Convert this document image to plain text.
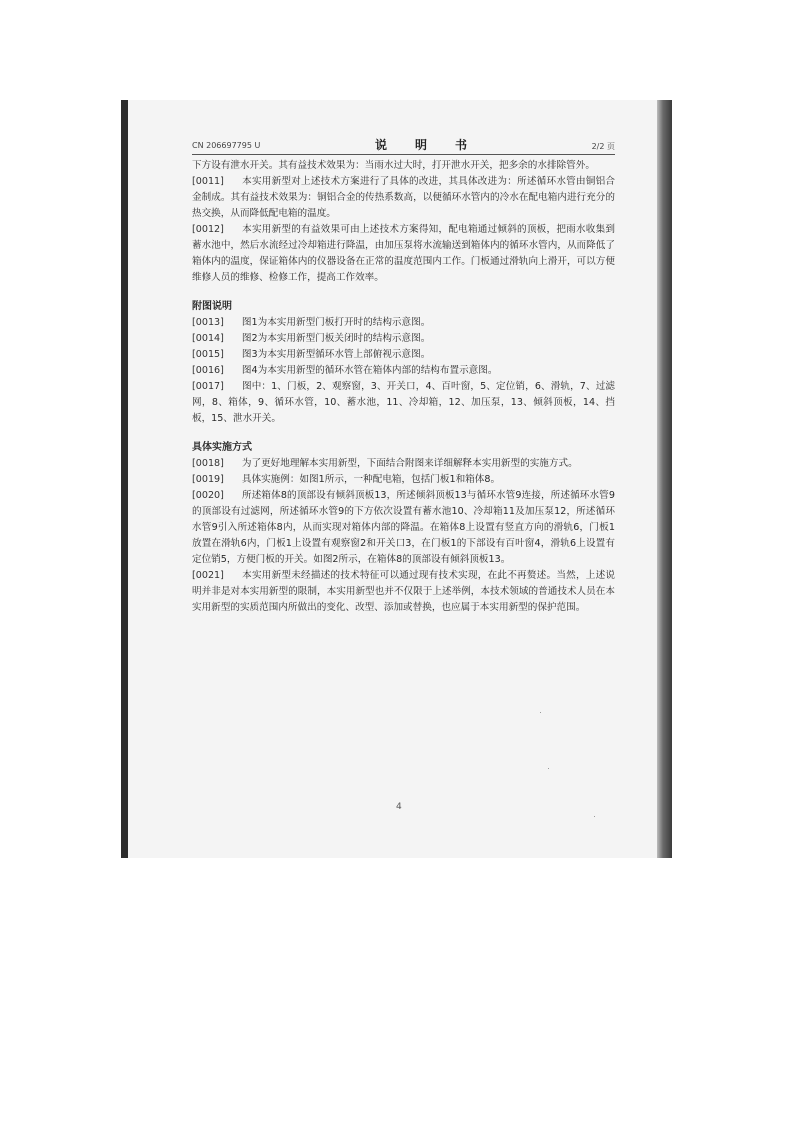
CN 206697795 U	说　明　书	2/2 页

下方设有泄水开关。其有益技术效果为：当雨水过大时，打开泄水开关，把多余的水排除管外。

[0011] 本实用新型对上述技术方案进行了具体的改进，其具体改进为：所述循环水管由铜铝合金制成。其有益技术效果为：铜铝合金的传热系数高，以便循环水管内的冷水在配电箱内进行充分的热交换，从而降低配电箱的温度。

[0012] 本实用新型的有益效果可由上述技术方案得知，配电箱通过倾斜的顶板，把雨水收集到蓄水池中，然后水流经过冷却箱进行降温，由加压泵将水流输送到箱体内的循环水管内，从而降低了箱体内的温度，保证箱体内的仪器设备在正常的温度范围内工作。门板通过滑轨向上滑开，可以方便维修人员的维修、检修工作，提高工作效率。

附图说明

[0013] 图1为本实用新型门板打开时的结构示意图。

[0014] 图2为本实用新型门板关闭时的结构示意图。

[0015] 图3为本实用新型循环水管上部俯视示意图。

[0016] 图4为本实用新型的循环水管在箱体内部的结构布置示意图。

[0017] 图中：1、门板，2、观察窗，3、开关口，4、百叶窗，5、定位销，6、滑轨，7、过滤网，8、箱体，9、循环水管，10、蓄水池，11、冷却箱，12、加压泵，13、倾斜顶板，14、挡板，15、泄水开关。

具体实施方式

[0018] 为了更好地理解本实用新型，下面结合附图来详细解释本实用新型的实施方式。

[0019] 具体实施例：如图1所示，一种配电箱，包括门板1和箱体8。

[0020] 所述箱体8的顶部设有倾斜顶板13，所述倾斜顶板13与循环水管9连接，所述循环水管9的顶部设有过滤网，所述循环水管9的下方依次设置有蓄水池10、冷却箱11及加压泵12，所述循环水管9引入所述箱体8内，从而实现对箱体内部的降温。在箱体8上设置有竖直方向的滑轨6，门板1放置在滑轨6内，门板1上设置有观察窗2和开关口3，在门板1的下部设有百叶窗4，滑轨6上设置有定位销5，方便门板的开关。如图2所示，在箱体8的顶部设有倾斜顶板13。

[0021] 本实用新型未经描述的技术特征可以通过现有技术实现，在此不再赘述。当然，上述说明并非是对本实用新型的限制，本实用新型也并不仅限于上述举例，本技术领域的普通技术人员在本实用新型的实质范围内所做出的变化、改型、添加或替换，也应属于本实用新型的保护范围。

4
